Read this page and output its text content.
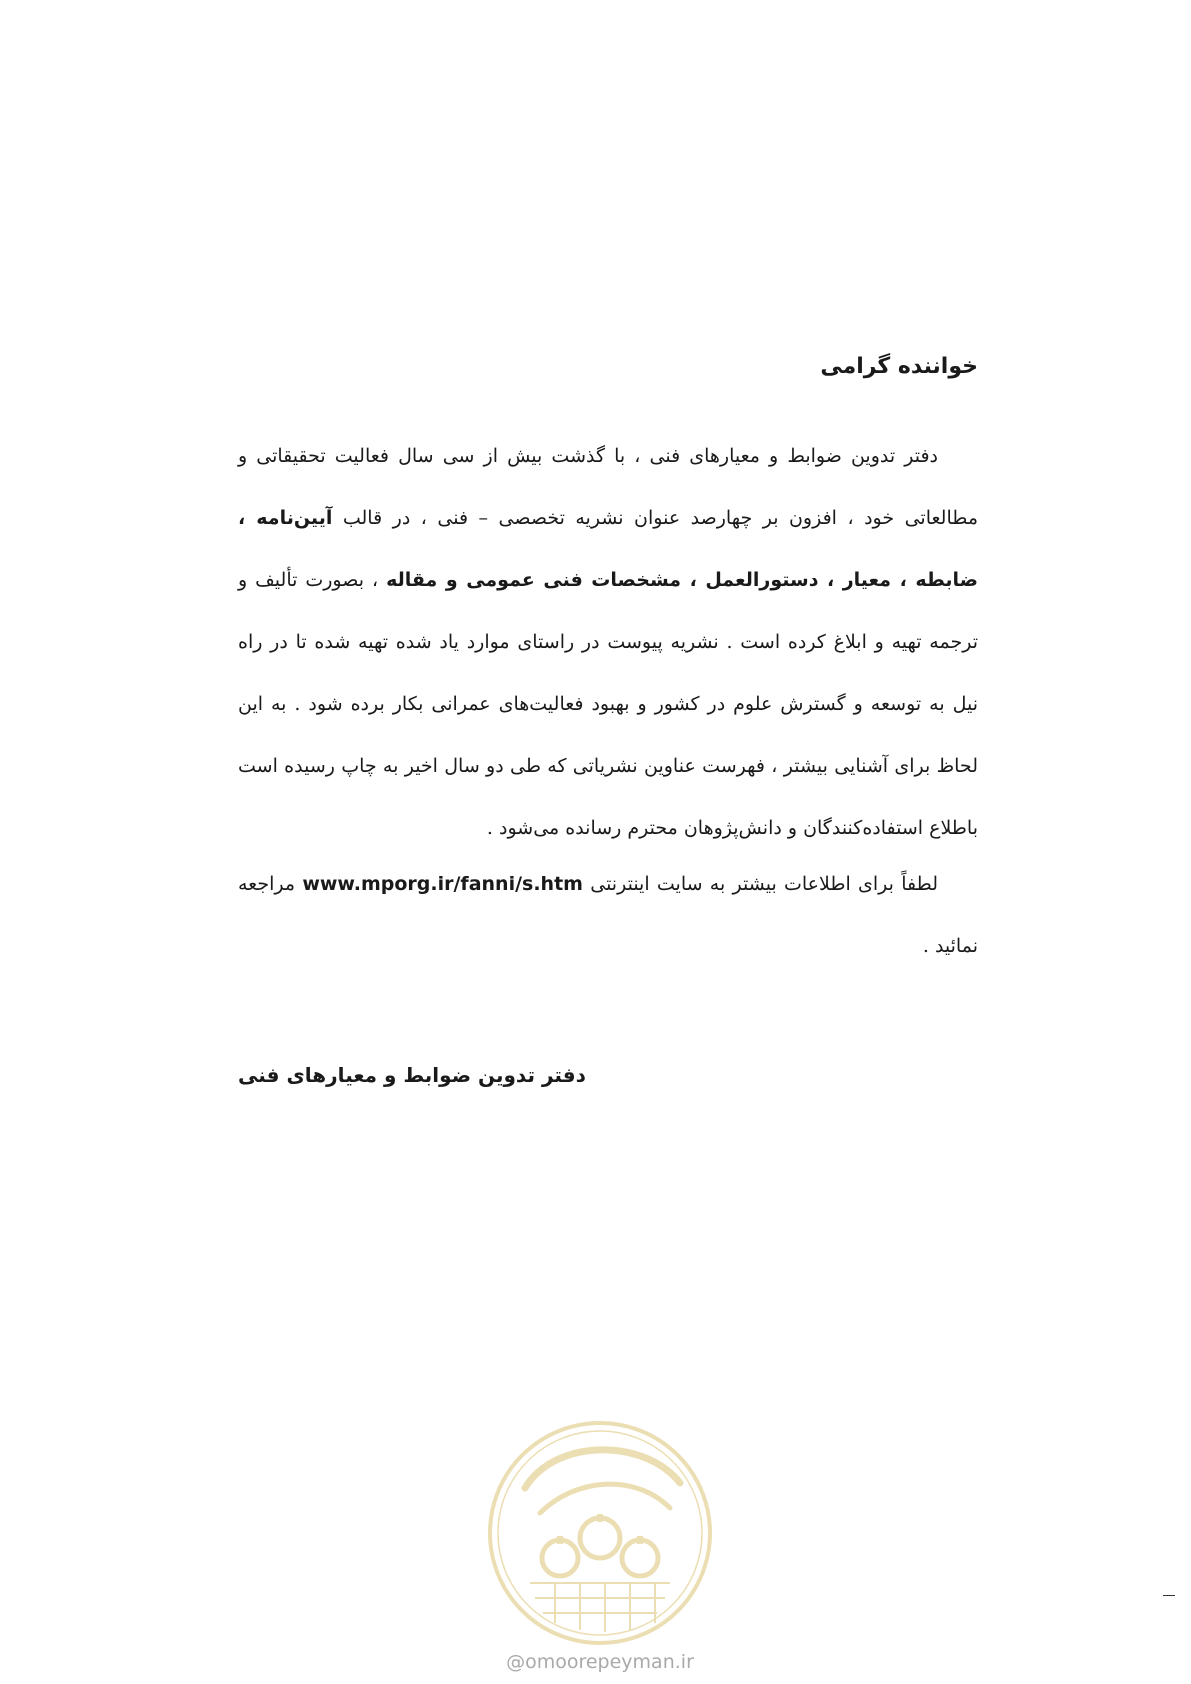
خواننده گرامی
دفتر تدوین ضوابط و معیارهای فنی ، با گذشت بیش از سی سال فعالیت تحقیقاتی و مطالعاتی خود ، افزون بر چهارصد عنوان نشریه تخصصی – فنی ، در قالب آیین‌نامه ، ضابطه ، معیار ، دستورالعمل ، مشخصات فنی عمومی و مقاله ، بصورت تألیف و ترجمه تهیه و ابلاغ کرده است . نشریه پیوست در راستای موارد یاد شده تهیه شده تا در راه نیل به توسعه و گسترش علوم در کشور و بهبود فعالیت‌های عمرانی بکار برده شود . به این لحاظ برای آشنایی بیشتر ، فهرست عناوین نشریاتی که طی دو سال اخیر به چاپ رسیده است باطلاع استفاده‌کنندگان و دانش‌پژوهان محترم رسانده می‌شود .
لطفاً برای اطلاعات بیشتر به سایت اینترنتی www.mporg.ir/fanni/s.htm مراجعه نمائید .
دفتر تدوین ضوابط و معیارهای فنی
@omoorepeyman.ir
